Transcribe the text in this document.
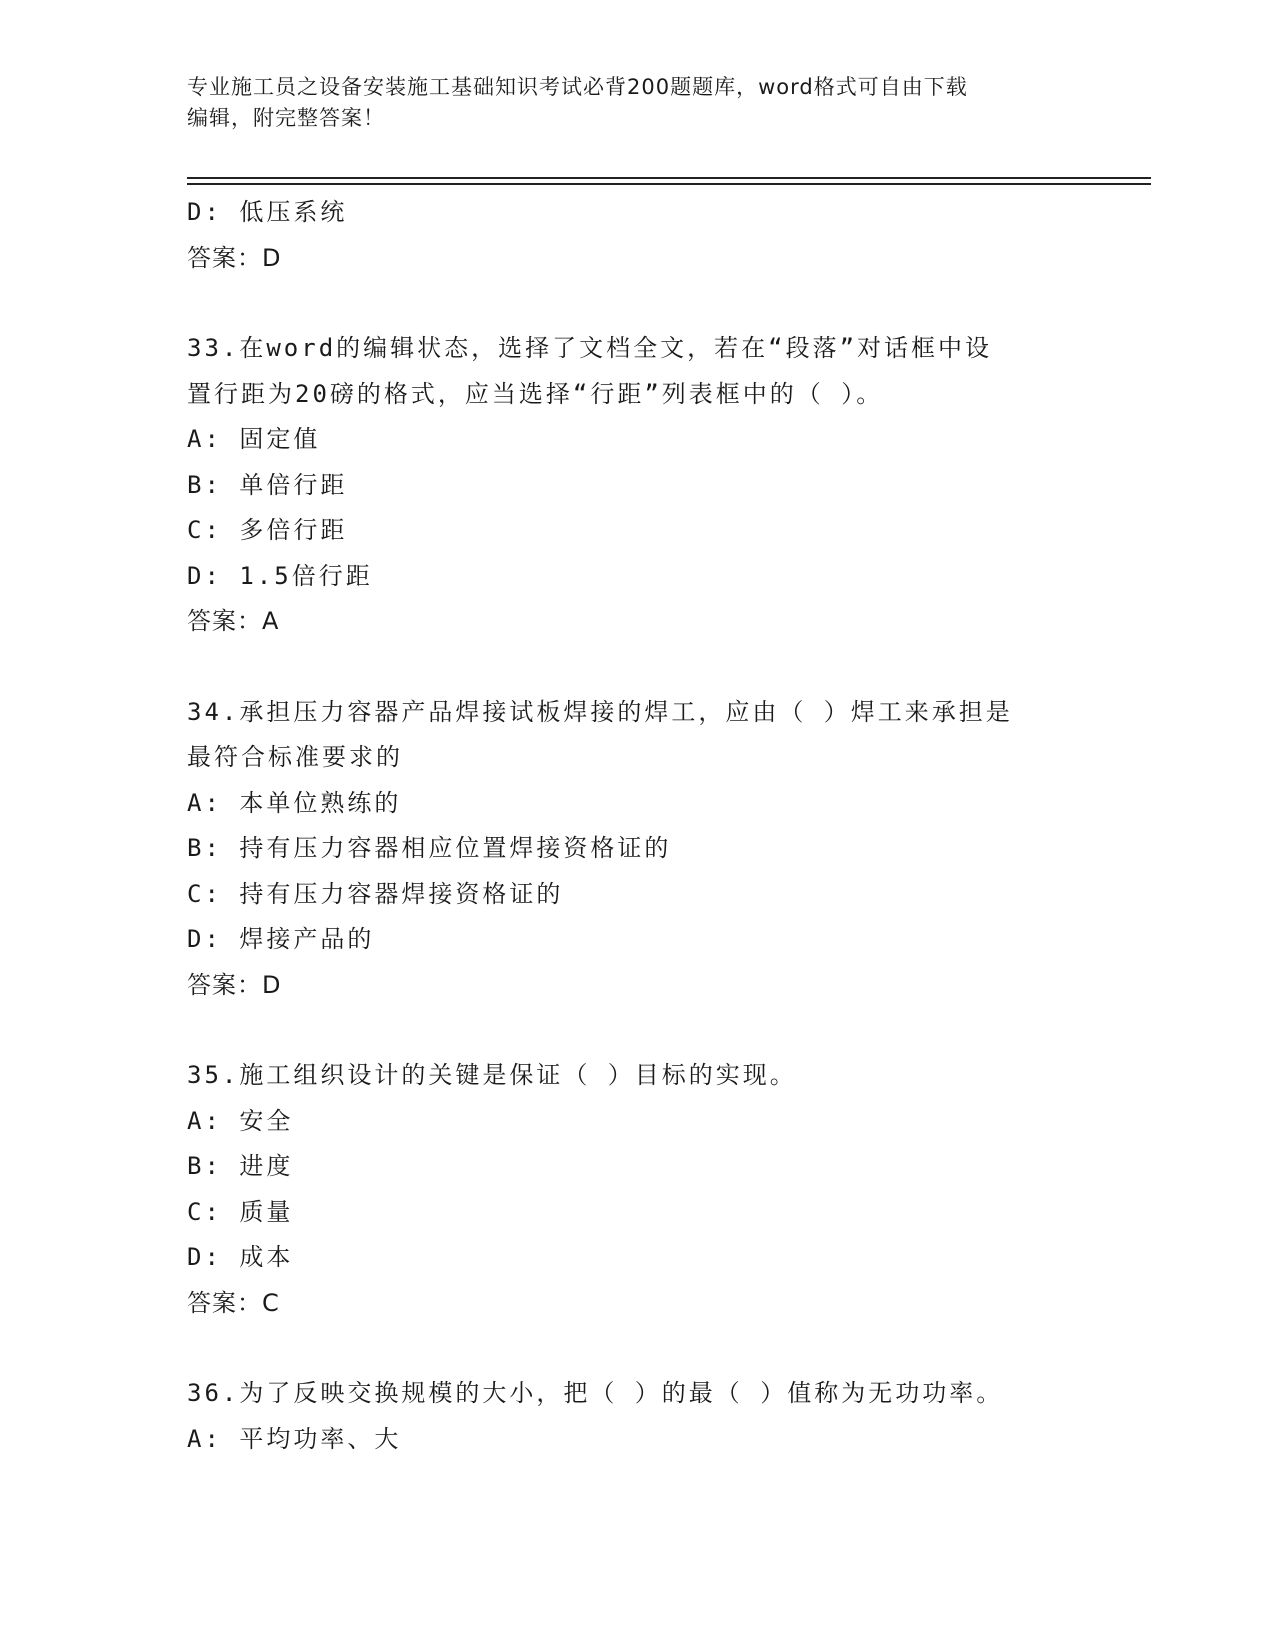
专业施工员之设备安装施工基础知识考试必背200题题库，word格式可自由下载
编辑，附完整答案！
D: 低压系统
答案：D
33.在word的编辑状态，选择了文档全文，若在“段落”对话框中设
置行距为20磅的格式，应当选择“行距”列表框中的（ ）。
A: 固定值
B: 单倍行距
C: 多倍行距
D: 1.5倍行距
答案：A
34.承担压力容器产品焊接试板焊接的焊工，应由（ ）焊工来承担是
最符合标准要求的
A: 本单位熟练的
B: 持有压力容器相应位置焊接资格证的
C: 持有压力容器焊接资格证的
D: 焊接产品的
答案：D
35.施工组织设计的关键是保证（ ）目标的实现。
A: 安全
B: 进度
C: 质量
D: 成本
答案：C
36.为了反映交换规模的大小，把（ ）的最（ ）值称为无功功率。
A: 平均功率、大
